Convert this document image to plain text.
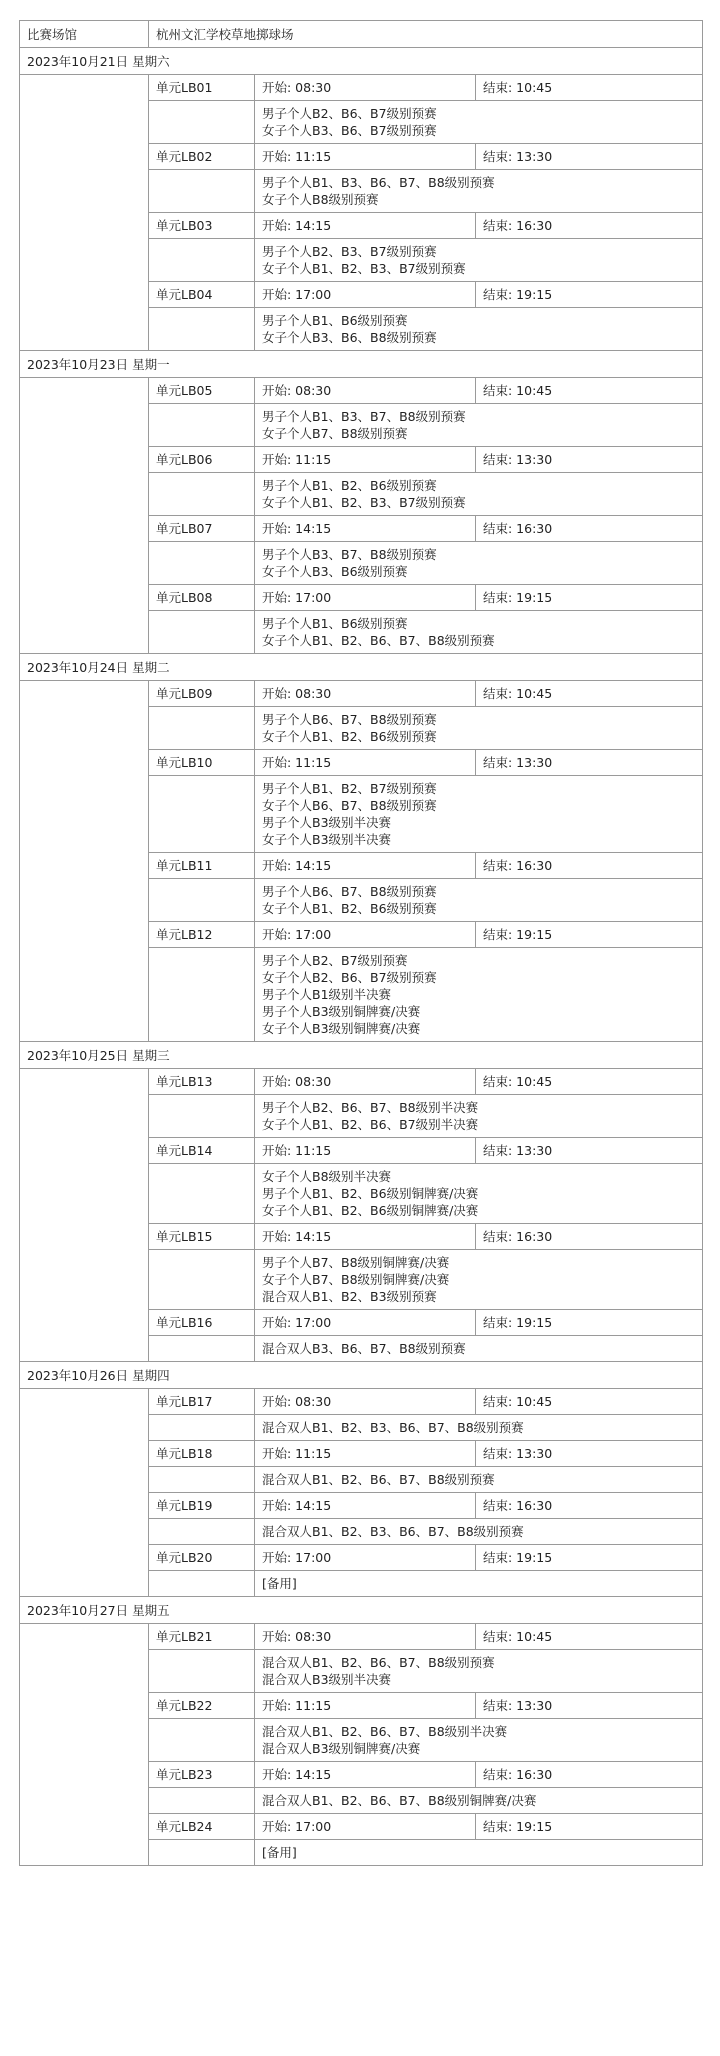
比赛场馆	杭州文汇学校草地掷球场		
2023年10月21日 星期六			
	单元LB01	开始: 08:30	结束: 10:45

		男子个人B2、B6、B7级别预赛
女子个人B3、B6、B7级别预赛	

	单元LB02	开始: 11:15	结束: 13:30

		男子个人B1、B3、B6、B7、B8级别预赛
女子个人B8级别预赛	

	单元LB03	开始: 14:15	结束: 16:30

		男子个人B2、B3、B7级别预赛
女子个人B1、B2、B3、B7级别预赛	

	单元LB04	开始: 17:00	结束: 19:15

		男子个人B1、B6级别预赛
女子个人B3、B6、B8级别预赛	

2023年10月23日 星期一			
	单元LB05	开始: 08:30	结束: 10:45

		男子个人B1、B3、B7、B8级别预赛
女子个人B7、B8级别预赛	

	单元LB06	开始: 11:15	结束: 13:30

		男子个人B1、B2、B6级别预赛
女子个人B1、B2、B3、B7级别预赛	

	单元LB07	开始: 14:15	结束: 16:30

		男子个人B3、B7、B8级别预赛
女子个人B3、B6级别预赛	

	单元LB08	开始: 17:00	结束: 19:15

		男子个人B1、B6级别预赛
女子个人B1、B2、B6、B7、B8级别预赛	

2023年10月24日 星期二			
	单元LB09	开始: 08:30	结束: 10:45

		男子个人B6、B7、B8级别预赛
女子个人B1、B2、B6级别预赛	

	单元LB10	开始: 11:15	结束: 13:30

		男子个人B1、B2、B7级别预赛
女子个人B6、B7、B8级别预赛
男子个人B3级别半决赛
女子个人B3级别半决赛	

	单元LB11	开始: 14:15	结束: 16:30

		男子个人B6、B7、B8级别预赛
女子个人B1、B2、B6级别预赛	

	单元LB12	开始: 17:00	结束: 19:15

		男子个人B2、B7级别预赛
女子个人B2、B6、B7级别预赛
男子个人B1级别半决赛
男子个人B3级别铜牌赛/决赛
女子个人B3级别铜牌赛/决赛	

2023年10月25日 星期三			
	单元LB13	开始: 08:30	结束: 10:45

		男子个人B2、B6、B7、B8级别半决赛
女子个人B1、B2、B6、B7级别半决赛	

	单元LB14	开始: 11:15	结束: 13:30

		女子个人B8级别半决赛
男子个人B1、B2、B6级别铜牌赛/决赛
女子个人B1、B2、B6级别铜牌赛/决赛	

	单元LB15	开始: 14:15	结束: 16:30

		男子个人B7、B8级别铜牌赛/决赛
女子个人B7、B8级别铜牌赛/决赛
混合双人B1、B2、B3级别预赛	

	单元LB16	开始: 17:00	结束: 19:15

		混合双人B3、B6、B7、B8级别预赛	

2023年10月26日 星期四			
	单元LB17	开始: 08:30	结束: 10:45

		混合双人B1、B2、B3、B6、B7、B8级别预赛	

	单元LB18	开始: 11:15	结束: 13:30

		混合双人B1、B2、B6、B7、B8级别预赛	

	单元LB19	开始: 14:15	结束: 16:30

		混合双人B1、B2、B3、B6、B7、B8级别预赛	

	单元LB20	开始: 17:00	结束: 19:15

		[备用]	

2023年10月27日 星期五			
	单元LB21	开始: 08:30	结束: 10:45

		混合双人B1、B2、B6、B7、B8级别预赛
混合双人B3级别半决赛	

	单元LB22	开始: 11:15	结束: 13:30

		混合双人B1、B2、B6、B7、B8级别半决赛
混合双人B3级别铜牌赛/决赛	

	单元LB23	开始: 14:15	结束: 16:30

		混合双人B1、B2、B6、B7、B8级别铜牌赛/决赛	

	单元LB24	开始: 17:00	结束: 19:15

		[备用]	
